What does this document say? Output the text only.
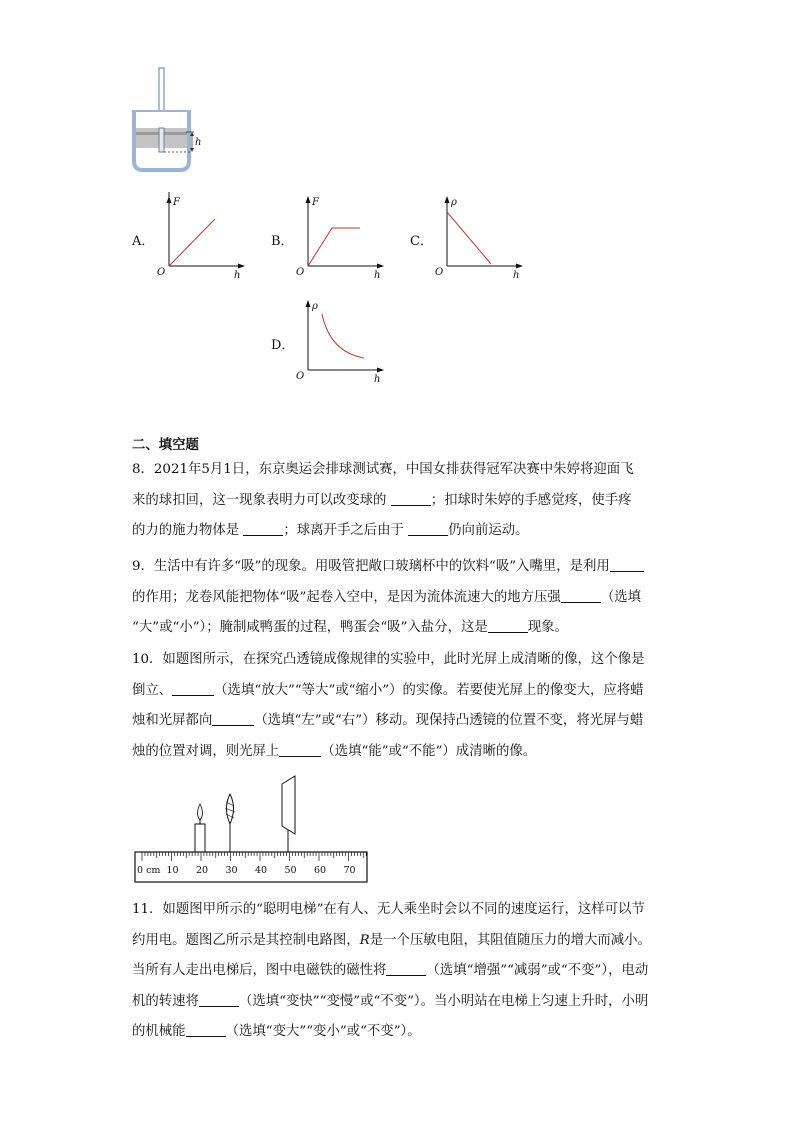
h
A．
F
h
O
B．
F
h
O
C．
ρ
h
O
D．
ρ
h
O
二、填空题
8．2021年5月1日，东京奥运会排球测试赛，中国女排获得冠军决赛中朱婷将迎面飞
来的球扣回，这一现象表明力可以改变球的	；扣球时朱婷的手感觉疼，使手疼
的力的施力物体是	；球离开手之后由于	仍向前运动。
9．生活中有许多“吸”的现象。用吸管把敞口玻璃杯中的饮料“吸”入嘴里，是利用
的作用；龙卷风能把物体“吸”起卷入空中，是因为流体流速大的地方压强	（选填
“大”或“小”）；腌制咸鸭蛋的过程，鸭蛋会“吸”入盐分，这是	现象。
10．如题图所示，在探究凸透镜成像规律的实验中，此时光屏上成清晰的像，这个像是
倒立、	（选填“放大”“等大”或“缩小”）的实像。若要使光屏上的像变大，应将蜡
烛和光屏都向	（选填“左”或“右”）移动。现保持凸透镜的位置不变，将光屏与蜡
烛的位置对调，则光屏上	（选填“能”或“不能”）成清晰的像。
0 cm 10 20 30 40 50 60 70
11．如题图甲所示的“聪明电梯”在有人、无人乘坐时会以不同的速度运行，这样可以节
约用电。题图乙所示是其控制电路图，R是一个压敏电阻，其阻值随压力的增大而减小。
当所有人走出电梯后，图中电磁铁的磁性将	（选填“增强”“减弱”或“不变”），电动
机的转速将	（选填“变快”“变慢”或“不变”）。当小明站在电梯上匀速上升时，小明
的机械能	（选填“变大”“变小”或“不变”）。
